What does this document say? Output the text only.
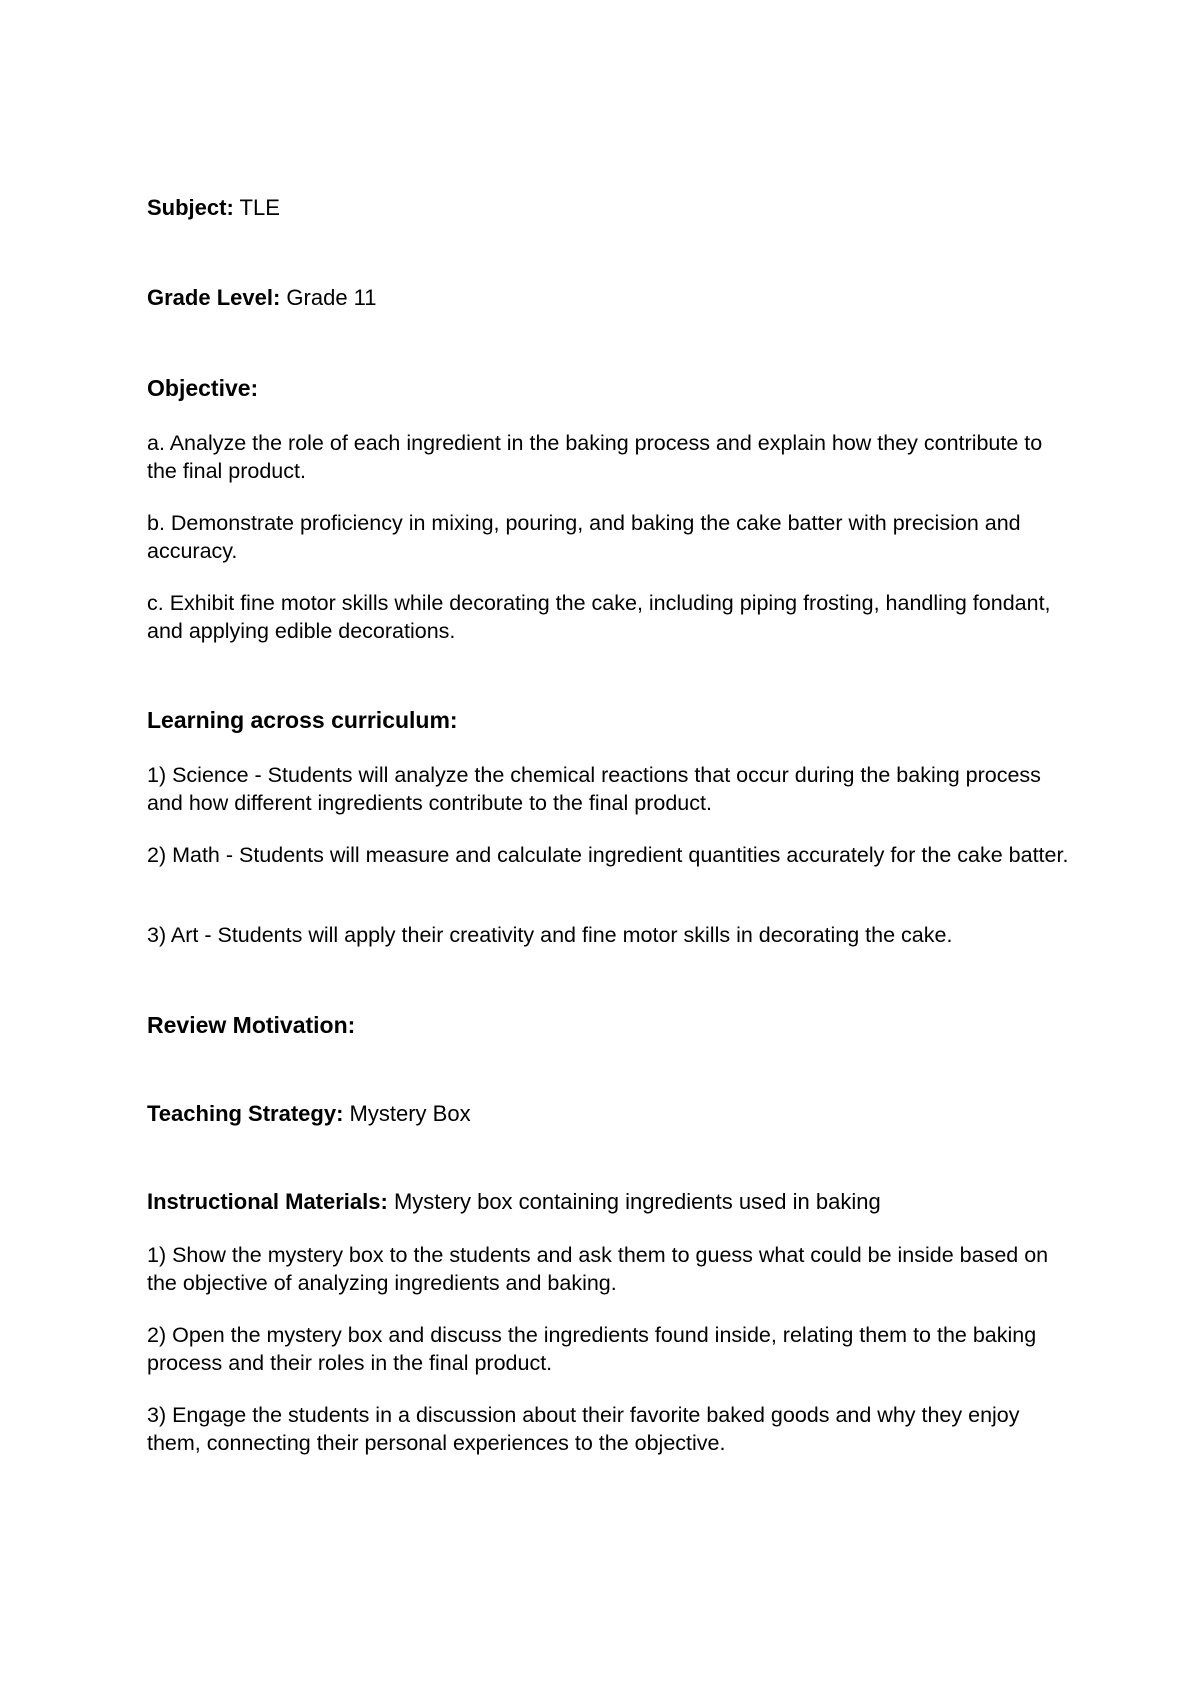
Subject: TLE

Grade Level: Grade 11

Objective:

a. Analyze the role of each ingredient in the baking process and explain how they contribute to the final product.

b. Demonstrate proficiency in mixing, pouring, and baking the cake batter with precision and accuracy.

c. Exhibit fine motor skills while decorating the cake, including piping frosting, handling fondant, and applying edible decorations.

Learning across curriculum:

1) Science - Students will analyze the chemical reactions that occur during the baking process and how different ingredients contribute to the final product.

2) Math - Students will measure and calculate ingredient quantities accurately for the cake batter.

3) Art - Students will apply their creativity and fine motor skills in decorating the cake.

Review Motivation:

Teaching Strategy: Mystery Box

Instructional Materials: Mystery box containing ingredients used in baking

1) Show the mystery box to the students and ask them to guess what could be inside based on the objective of analyzing ingredients and baking.

2) Open the mystery box and discuss the ingredients found inside, relating them to the baking process and their roles in the final product.

3) Engage the students in a discussion about their favorite baked goods and why they enjoy them, connecting their personal experiences to the objective.
